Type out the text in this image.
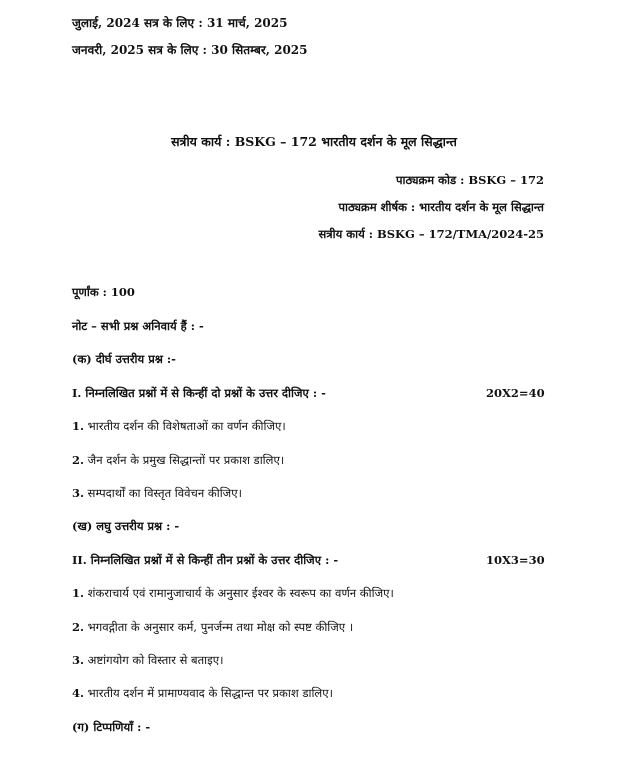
जुलाई, 2024 सत्र के लिए : 31 मार्च, 2025
जनवरी, 2025 सत्र के लिए : 30 सितम्बर, 2025
सत्रीय कार्य : BSKG – 172 भारतीय दर्शन के मूल सिद्धान्त
पाठ्यक्रम कोड : BSKG – 172
पाठ्यक्रम शीर्षक : भारतीय दर्शन के मूल सिद्धान्त
सत्रीय कार्य : BSKG – 172/TMA/2024-25
पूर्णांक : 100
नोट – सभी प्रश्न अनिवार्य हैं : -
(क) दीर्घ उत्तरीय प्रश्न :-
I. निम्नलिखित प्रश्नों में से किन्हीं दो प्रश्नों के उत्तर दीजिए : -	20X2=40
1. भारतीय दर्शन की विशेषताओं का वर्णन कीजिए।
2. जैन दर्शन के प्रमुख सिद्धान्तों पर प्रकाश डालिए।
3. सम्पदार्थों का विस्तृत विवेचन कीजिए।
(ख) लघु उत्तरीय प्रश्न : -
II. निम्नलिखित प्रश्नों में से किन्हीं तीन प्रश्नों के उत्तर दीजिए : -	10X3=30
1. शंकराचार्य एवं रामानुजाचार्य के अनुसार ईश्वर के स्वरूप का वर्णन कीजिए।
2. भगवद्गीता के अनुसार कर्म, पुनर्जन्म तथा मोक्ष को स्पष्ट कीजिए ।
3. अष्टांगयोग को विस्तार से बताइए।
4. भारतीय दर्शन में प्रामाण्यवाद के सिद्धान्त पर प्रकाश डालिए।
(ग) टिप्पणियाँ : -
